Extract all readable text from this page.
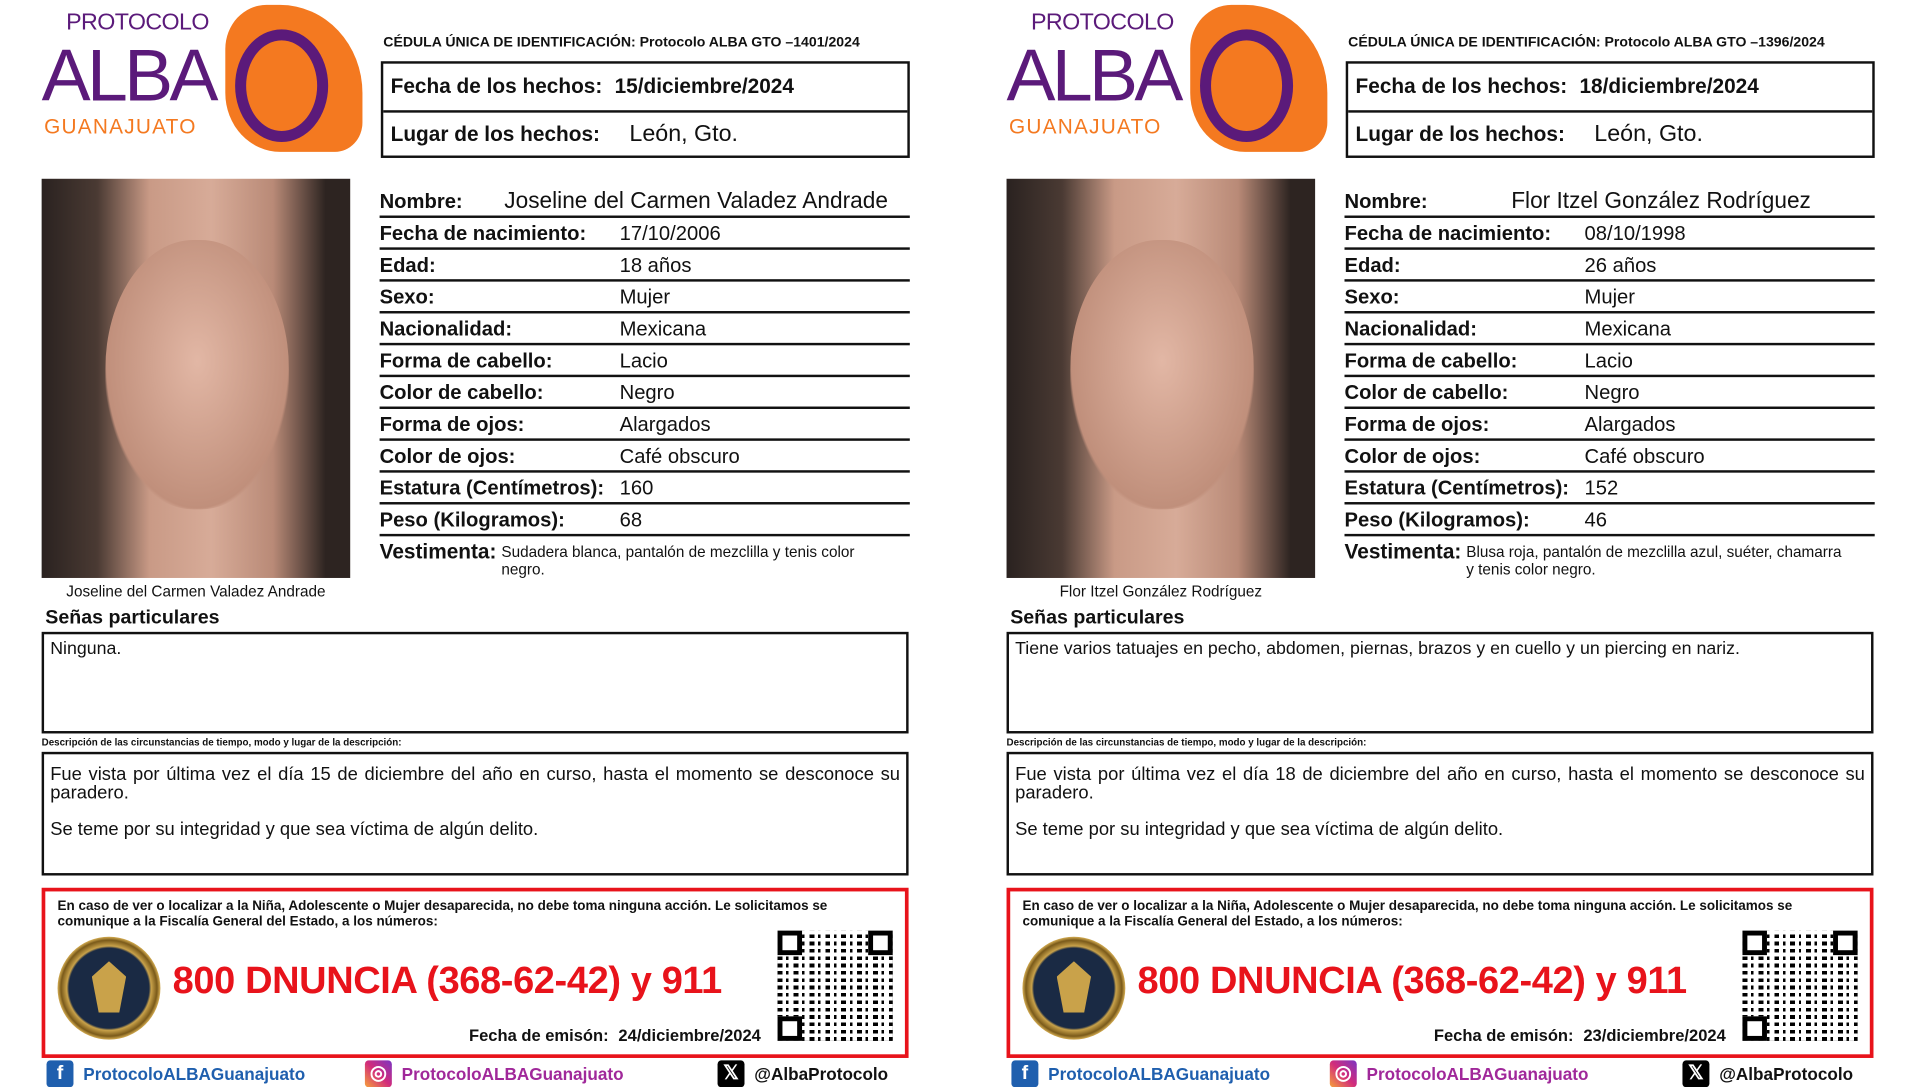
PROTOCOLO
ALBA
GUANAJUATO
CÉDULA ÚNICA DE IDENTIFICACIÓN: Protocolo ALBA GTO –1401/2024
Fecha de los hechos: 15/diciembre/2024
Lugar de los hechos: León, Gto.
Joseline del Carmen Valadez Andrade
Nombre:	Joseline del Carmen Valadez Andrade
Fecha de nacimiento:	17/10/2006
Edad:	18 años
Sexo:	Mujer
Nacionalidad:	Mexicana
Forma de cabello:	Lacio
Color de cabello:	Negro
Forma de ojos:	Alargados
Color de ojos:	Café obscuro
Estatura (Centímetros): 160
Peso (Kilogramos):	68
Vestimenta: Sudadera blanca, pantalón de mezclilla y tenis color negro.
Señas particulares
Ninguna.
Descripción de las circunstancias de tiempo, modo y lugar de la descripción:

Fue vista por última vez el día 15 de diciembre del año en curso, hasta el momento se desconoce su paradero.

Se teme por su integridad y que sea víctima de algún delito.

En caso de ver o localizar a la Niña, Adolescente o Mujer desaparecida, no debe toma ninguna acción. Le solicitamos se comunique a la Fiscalía General del Estado, a los números:
800 DNUNCIA (368-62-42) y 911
Fecha de emisón: 24/diciembre/2024
f	ProtocoloALBAGuanajuato	◎	ProtocoloALBAGuanajuato	𝕏	@AlbaProtocolo
PROTOCOLO
ALBA
GUANAJUATO
CÉDULA ÚNICA DE IDENTIFICACIÓN: Protocolo ALBA GTO –1396/2024
Fecha de los hechos: 18/diciembre/2024
Lugar de los hechos: León, Gto.
Flor Itzel González Rodríguez
Nombre:	Flor Itzel González Rodríguez
Fecha de nacimiento:	08/10/1998
Edad:	26 años
Sexo:	Mujer
Nacionalidad:	Mexicana
Forma de cabello:	Lacio
Color de cabello:	Negro
Forma de ojos:	Alargados
Color de ojos:	Café obscuro
Estatura (Centímetros): 152
Peso (Kilogramos):	46
Vestimenta: Blusa roja, pantalón de mezclilla azul, suéter, chamarra y tenis color negro.
Señas particulares
Tiene varios tatuajes en pecho, abdomen, piernas, brazos y en cuello y un piercing en nariz.
Descripción de las circunstancias de tiempo, modo y lugar de la descripción:

Fue vista por última vez el día 18 de diciembre del año en curso, hasta el momento se desconoce su paradero.

Se teme por su integridad y que sea víctima de algún delito.

En caso de ver o localizar a la Niña, Adolescente o Mujer desaparecida, no debe toma ninguna acción. Le solicitamos se comunique a la Fiscalía General del Estado, a los números:
800 DNUNCIA (368-62-42) y 911
Fecha de emisón: 23/diciembre/2024
f	ProtocoloALBAGuanajuato	◎	ProtocoloALBAGuanajuato	𝕏	@AlbaProtocolo
